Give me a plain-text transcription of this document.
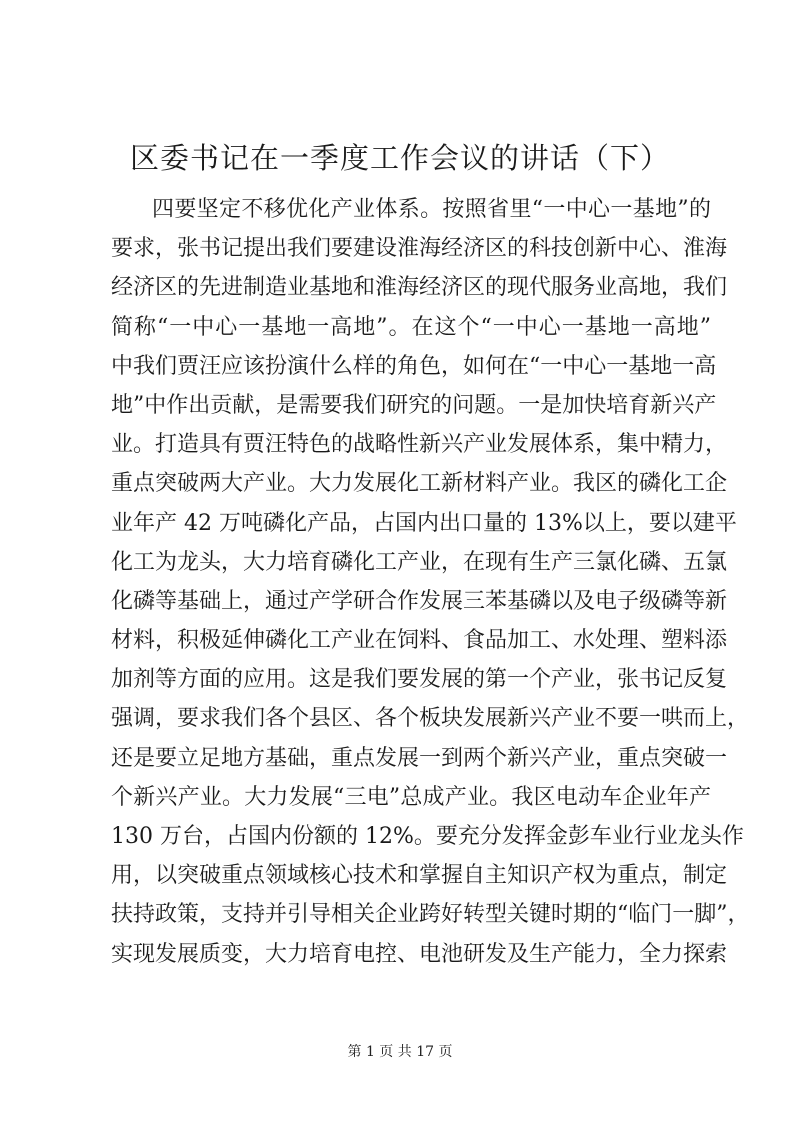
区委书记在一季度工作会议的讲话（下）
四要坚定不移优化产业体系。按照省里“一中心一基地”的
要求，张书记提出我们要建设淮海经济区的科技创新中心、淮海
经济区的先进制造业基地和淮海经济区的现代服务业高地，我们
简称“一中心一基地一高地”。在这个“一中心一基地一高地”
中我们贾汪应该扮演什么样的角色，如何在“一中心一基地一高
地”中作出贡献，是需要我们研究的问题。一是加快培育新兴产
业。打造具有贾汪特色的战略性新兴产业发展体系，集中精力，
重点突破两大产业。大力发展化工新材料产业。我区的磷化工企
业年产 42 万吨磷化产品，占国内出口量的 13%以上，要以建平
化工为龙头，大力培育磷化工产业，在现有生产三氯化磷、五氯
化磷等基础上，通过产学研合作发展三苯基磷以及电子级磷等新
材料，积极延伸磷化工产业在饲料、食品加工、水处理、塑料添
加剂等方面的应用。这是我们要发展的第一个产业，张书记反复
强调，要求我们各个县区、各个板块发展新兴产业不要一哄而上，
还是要立足地方基础，重点发展一到两个新兴产业，重点突破一
个新兴产业。大力发展“三电”总成产业。我区电动车企业年产
130 万台，占国内份额的 12%。要充分发挥金彭车业行业龙头作
用，以突破重点领域核心技术和掌握自主知识产权为重点，制定
扶持政策，支持并引导相关企业跨好转型关键时期的“临门一脚”，
实现发展质变，大力培育电控、电池研发及生产能力，全力探索
第 1 页 共 17 页
